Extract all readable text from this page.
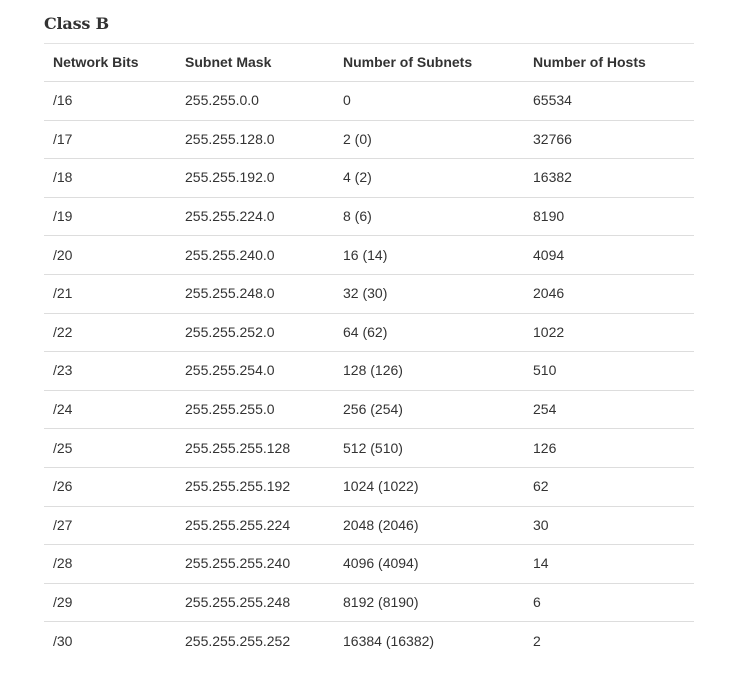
Class B
Network Bits	Subnet Mask	Number of Subnets	Number of Hosts
/16	255.255.0.0	0	65534
/17	255.255.128.0	2 (0)	32766
/18	255.255.192.0	4 (2)	16382
/19	255.255.224.0	8 (6)	8190
/20	255.255.240.0	16 (14)	4094
/21	255.255.248.0	32 (30)	2046
/22	255.255.252.0	64 (62)	1022
/23	255.255.254.0	128 (126)	510
/24	255.255.255.0	256 (254)	254
/25	255.255.255.128	512 (510)	126
/26	255.255.255.192	1024 (1022)	62
/27	255.255.255.224	2048 (2046)	30
/28	255.255.255.240	4096 (4094)	14
/29	255.255.255.248	8192 (8190)	6
/30	255.255.255.252	16384 (16382)	2
